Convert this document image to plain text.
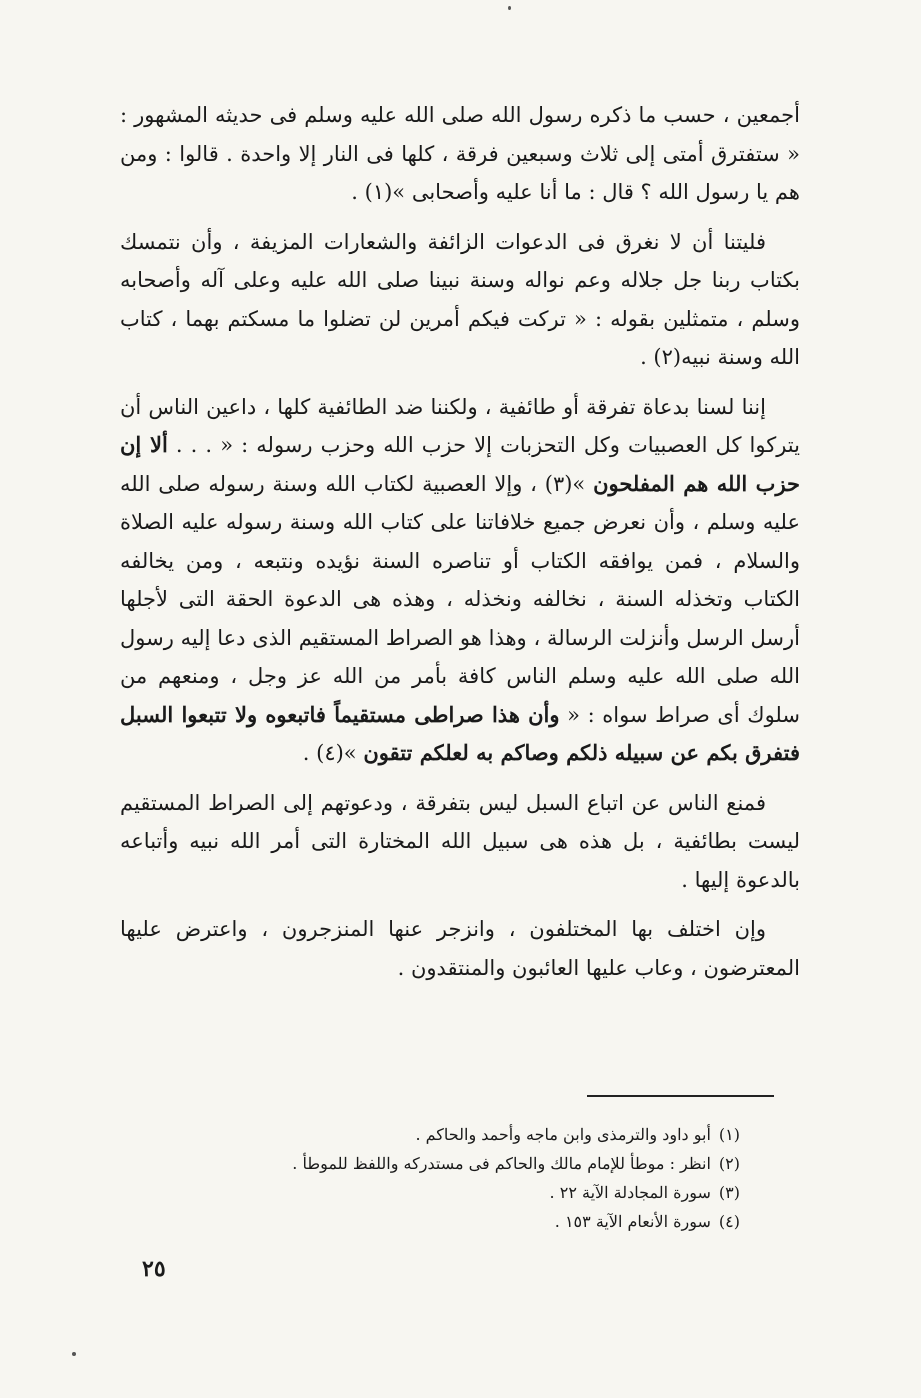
أجمعين ، حسب ما ذكره رسول الله صلى الله عليه وسلم فى حديثه المشهور : « ستفترق أمتى إلى ثلاث وسبعين فرقة ، كلها فى النار إلا واحدة . قالوا : ومن هم يا رسول الله ؟ قال : ما أنا عليه وأصحابى »(١) .

فليتنا أن لا نغرق فى الدعوات الزائفة والشعارات المزيفة ، وأن نتمسك بكتاب ربنا جل جلاله وعم نواله وسنة نبينا صلى الله عليه وعلى آله وأصحابه وسلم ، متمثلين بقوله : « تركت فيكم أمرين لن تضلوا ما مسكتم بهما ، كتاب الله وسنة نبيه(٢) .

إننا لسنا بدعاة تفرقة أو طائفية ، ولكننا ضد الطائفية كلها ، داعين الناس أن يتركوا كل العصبيات وكل التحزبات إلا حزب الله وحزب رسوله : « . . . ألا إن حزب الله هم المفلحون »(٣) ، وإلا العصبية لكتاب الله وسنة رسوله صلى الله عليه وسلم ، وأن نعرض جميع خلافاتنا على كتاب الله وسنة رسوله عليه الصلاة والسلام ، فمن يوافقه الكتاب أو تناصره السنة نؤيده ونتبعه ، ومن يخالفه الكتاب وتخذله السنة ، نخالفه ونخذله ، وهذه هى الدعوة الحقة التى لأجلها أرسل الرسل وأنزلت الرسالة ، وهذا هو الصراط المستقيم الذى دعا إليه رسول الله صلى الله عليه وسلم الناس كافة بأمر من الله عز وجل ، ومنعهم من سلوك أى صراط سواه : « وأن هذا صراطى مستقيماً فاتبعوه ولا تتبعوا السبل فتفرق بكم عن سبيله ذلكم وصاكم به لعلكم تتقون »(٤) .

فمنع الناس عن اتباع السبل ليس بتفرقة ، ودعوتهم إلى الصراط المستقيم ليست بطائفية ، بل هذه هى سبيل الله المختارة التى أمر الله نبيه وأتباعه بالدعوة إليها .

وإن اختلف بها المختلفون ، وانزجر عنها المنزجرون ، واعترض عليها المعترضون ، وعاب عليها العائبون والمنتقدون .

(١)أبو داود والترمذى وابن ماجه وأحمد والحاكم .
(٢)انظر : موطأ للإمام مالك والحاكم فى مستدركه واللفظ للموطأ .
(٣)سورة المجادلة الآية ٢٢ .
(٤)سورة الأنعام الآية ١٥٣ .
٢٥
